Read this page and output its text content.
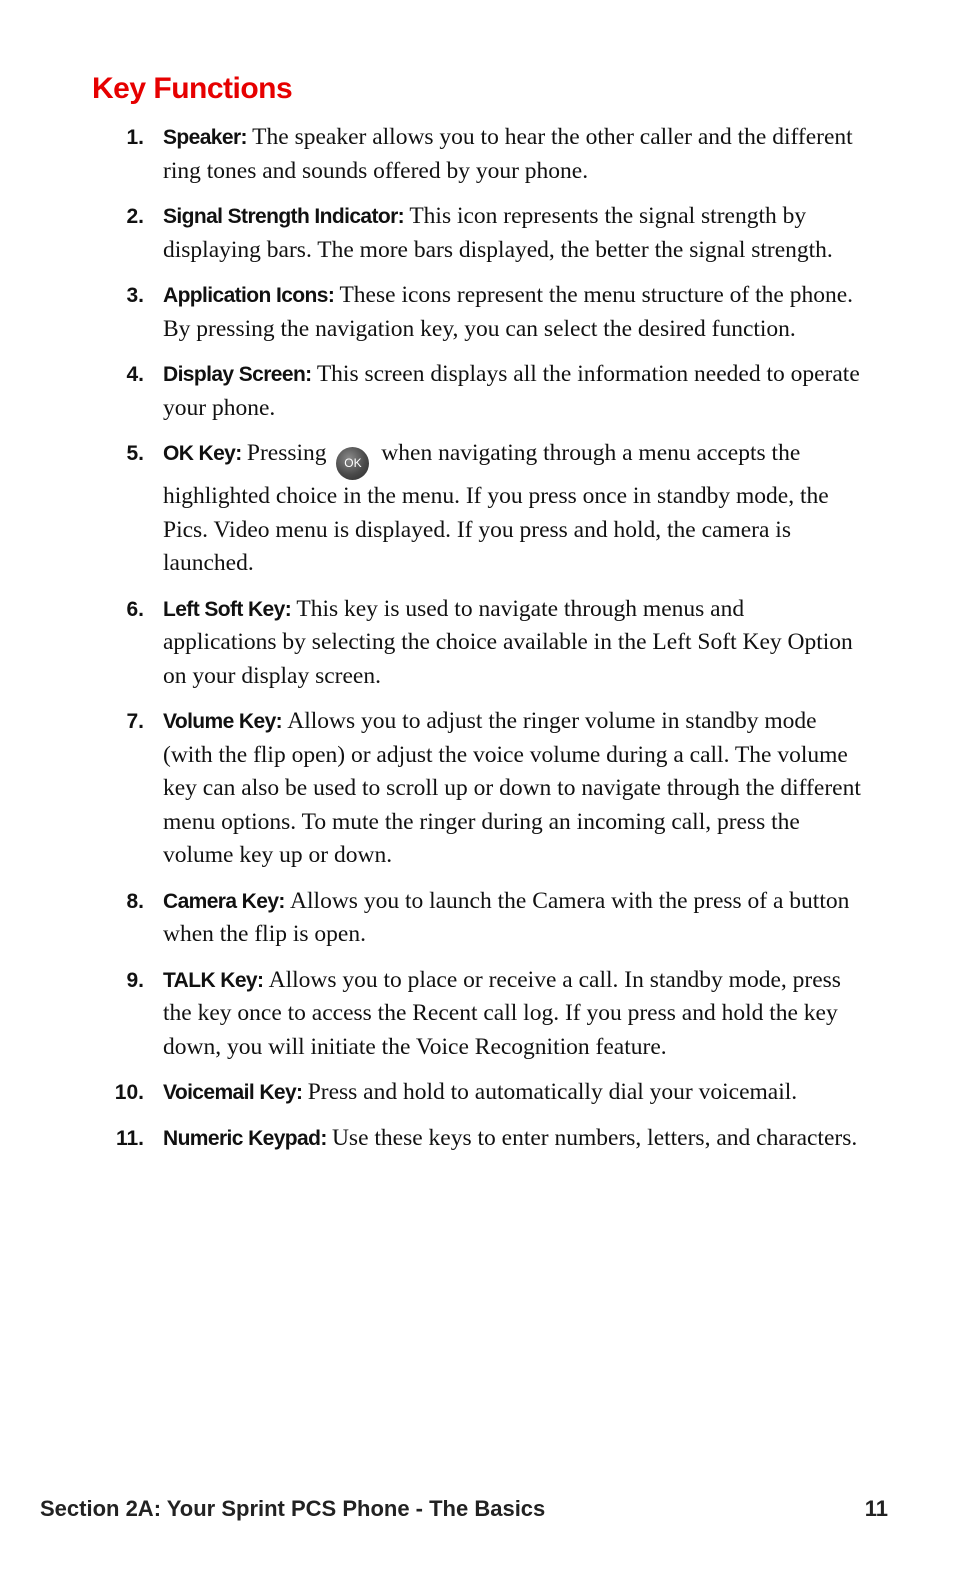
Key Functions
1. Speaker: The speaker allows you to hear the other caller and the different ring tones and sounds offered by your phone.
2. Signal Strength Indicator: This icon represents the signal strength by displaying bars. The more bars displayed, the better the signal strength.
3. Application Icons: These icons represent the menu structure of the phone. By pressing the navigation key, you can select the desired function.
4. Display Screen: This screen displays all the information needed to operate your phone.
5. OK Key: Pressing OK when navigating through a menu accepts the highlighted choice in the menu. If you press once in standby mode, the Pics. Video menu is displayed. If you press and hold, the camera is launched.
6. Left Soft Key: This key is used to navigate through menus and applications by selecting the choice available in the Left Soft Key Option on your display screen.
7. Volume Key: Allows you to adjust the ringer volume in standby mode (with the flip open) or adjust the voice volume during a call. The volume key can also be used to scroll up or down to navigate through the different menu options. To mute the ringer during an incoming call, press the volume key up or down.
8. Camera Key: Allows you to launch the Camera with the press of a button when the flip is open.
9. TALK Key: Allows you to place or receive a call. In standby mode, press the key once to access the Recent call log. If you press and hold the key down, you will initiate the Voice Recognition feature.
10. Voicemail Key: Press and hold to automatically dial your voicemail.
11. Numeric Keypad: Use these keys to enter numbers, letters, and characters.
Section 2A: Your Sprint PCS Phone - The Basics	11
